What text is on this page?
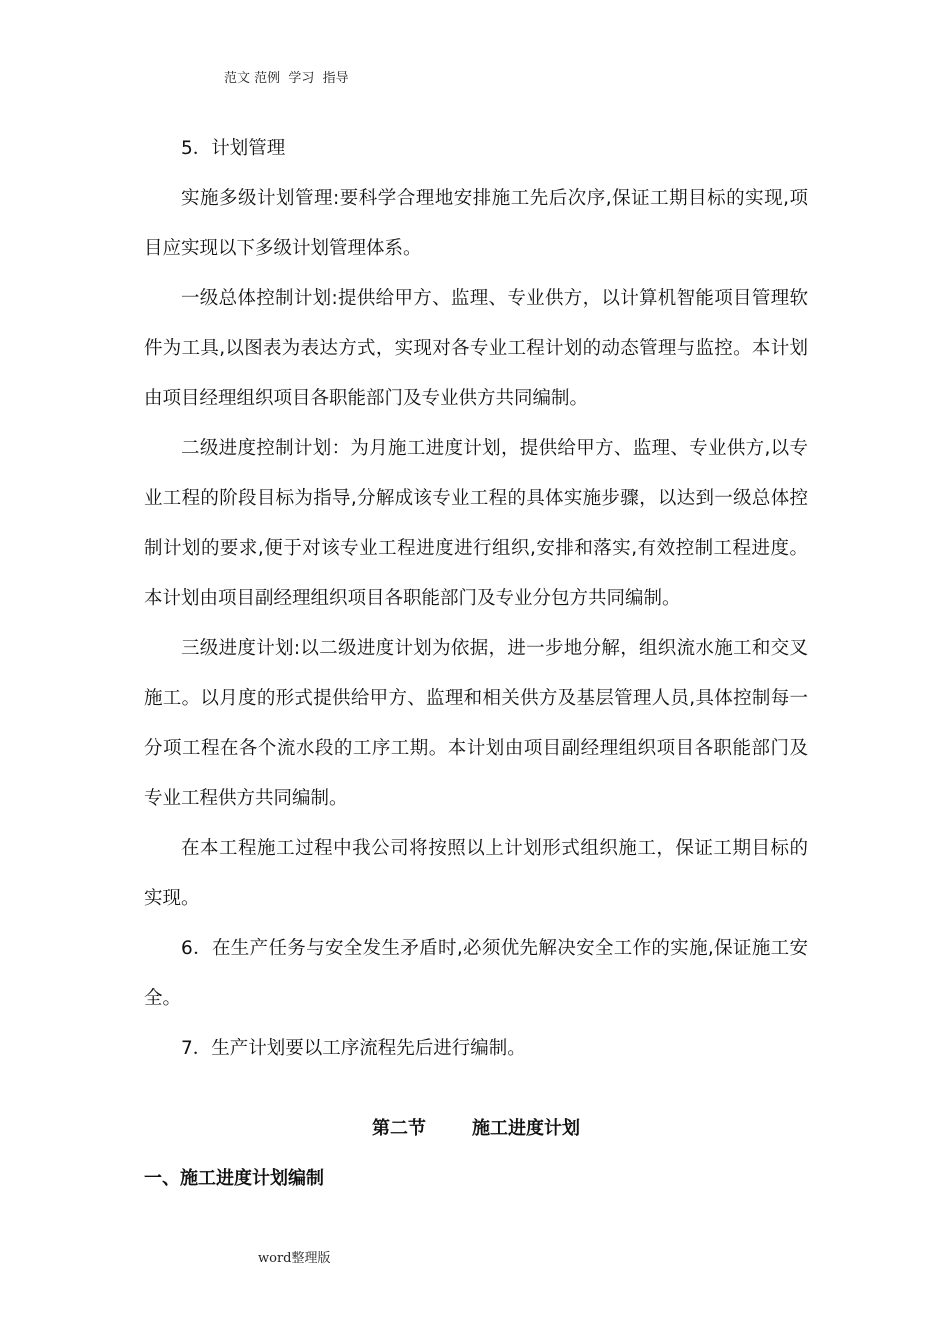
范文 范例  学习  指导

5．计划管理

实施多级计划管理:要科学合理地安排施工先后次序,保证工期目标的实现,项目应实现以下多级计划管理体系。

一级总体控制计划:提供给甲方、监理、专业供方，以计算机智能项目管理软件为工具,以图表为表达方式，实现对各专业工程计划的动态管理与监控。本计划由项目经理组织项目各职能部门及专业供方共同编制。

二级进度控制计划：为月施工进度计划，提供给甲方、监理、专业供方,以专业工程的阶段目标为指导,分解成该专业工程的具体实施步骤，以达到一级总体控制计划的要求,便于对该专业工程进度进行组织,安排和落实,有效控制工程进度。本计划由项目副经理组织项目各职能部门及专业分包方共同编制。

三级进度计划:以二级进度计划为依据，进一步地分解，组织流水施工和交叉施工。以月度的形式提供给甲方、监理和相关供方及基层管理人员,具体控制每一分项工程在各个流水段的工序工期。本计划由项目副经理组织项目各职能部门及专业工程供方共同编制。

在本工程施工过程中我公司将按照以上计划形式组织施工，保证工期目标的实现。

6．在生产任务与安全发生矛盾时,必须优先解决安全工作的实施,保证施工安全。

7．生产计划要以工序流程先后进行编制。

第二节	施工进度计划

一、施工进度计划编制

word整理版
